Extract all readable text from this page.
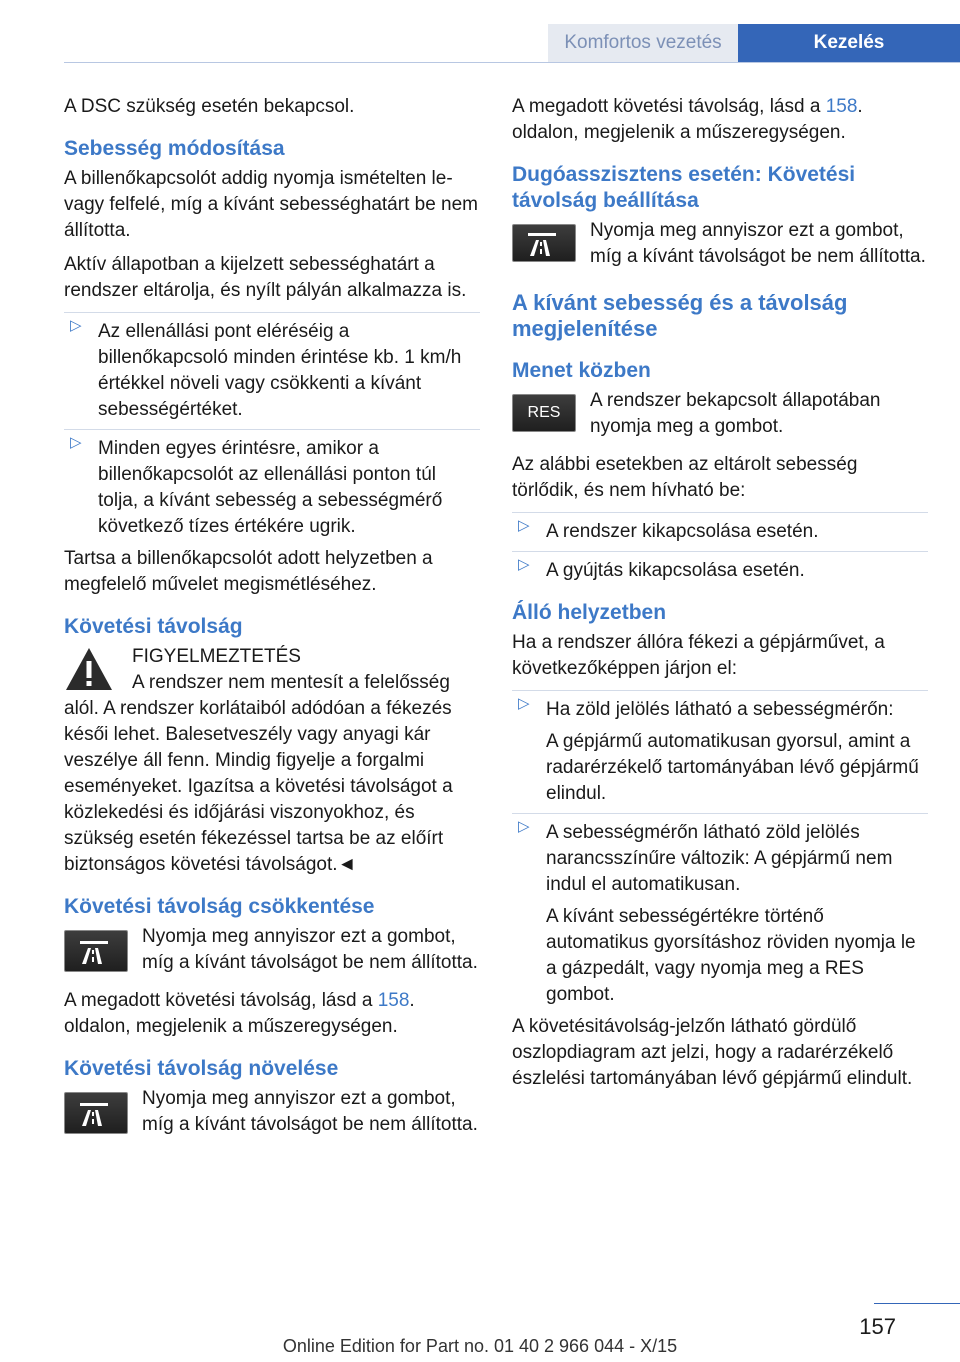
Komfortos vezetés	Kezelés

A DSC szükség esetén bekapcsol.

Sebesség módosítása

A billenőkapcsolót addig nyomja ismételten le- vagy felfelé, míg a kívánt sebességhatárt be nem állította.

Aktív állapotban a kijelzett sebességhatárt a rendszer eltárolja, és nyílt pályán alkalmazza is.

▷ Az ellenállási pont eléréséig a billenőkapcsoló minden érintése kb. 1 km/h értékkel növeli vagy csökkenti a kívánt sebességértéket.
▷ Minden egyes érintésre, amikor a billenőkapcsolót az ellenállási ponton túl tolja, a kívánt sebesség a sebességmérő következő tízes értékére ugrik.

Tartsa a billenőkapcsolót adott helyzetben a megfelelő művelet megismétléséhez.

Követési távolság
FIGYELMEZTETÉS
A rendszer nem mentesít a felelősség alól. A rendszer korlátaiból adódóan a fékezés késői lehet. Balesetveszély vagy anyagi kár veszélye áll fenn. Mindig figyelje a forgalmi eseményeket. Igazítsa a követési távolságot a közlekedési és időjárási viszonyokhoz, és szükség esetén fékezéssel tartsa be az előírt biztonságos követési távolságot.◄
Követési távolság csökkentése
Nyomja meg annyiszor ezt a gombot, míg a kívánt távolságot be nem állította.

A megadott követési távolság, lásd a 158. oldalon, megjelenik a műszeregységen.

Követési távolság növelése
Nyomja meg annyiszor ezt a gombot, míg a kívánt távolságot be nem állította.

A megadott követési távolság, lásd a 158. oldalon, megjelenik a műszeregységen.

Dugóasszisztens esetén: Követési távolság beállítása
Nyomja meg annyiszor ezt a gombot, míg a kívánt távolságot be nem állította.
A kívánt sebesség és a távolság megjelenítése
Menet közben
RES
A rendszer bekapcsolt állapotában nyomja meg a gombot.

Az alábbi esetekben az eltárolt sebesség törlődik, és nem hívható be:

▷ A rendszer kikapcsolása esetén.
▷ A gyújtás kikapcsolása esetén.
Álló helyzetben

Ha a rendszer állóra fékezi a gépjárművet, a következőképpen járjon el:

▷ Ha zöld jelölés látható a sebességmérőn:
A gépjármű automatikusan gyorsul, amint a radarérzékelő tartományában lévő gépjármű elindul.
▷ A sebességmérőn látható zöld jelölés narancsszínűre változik: A gépjármű nem indul el automatikusan.
A kívánt sebességértékre történő automatikus gyorsításhoz röviden nyomja le a gázpedált, vagy nyomja meg a RES gombot.

A követésitávolság-jelzőn látható gördülő oszlopdiagram azt jelzi, hogy a radarérzékelő észlelési tartományában lévő gépjármű elindult.

157
Online Edition for Part no. 01 40 2 966 044 - X/15
